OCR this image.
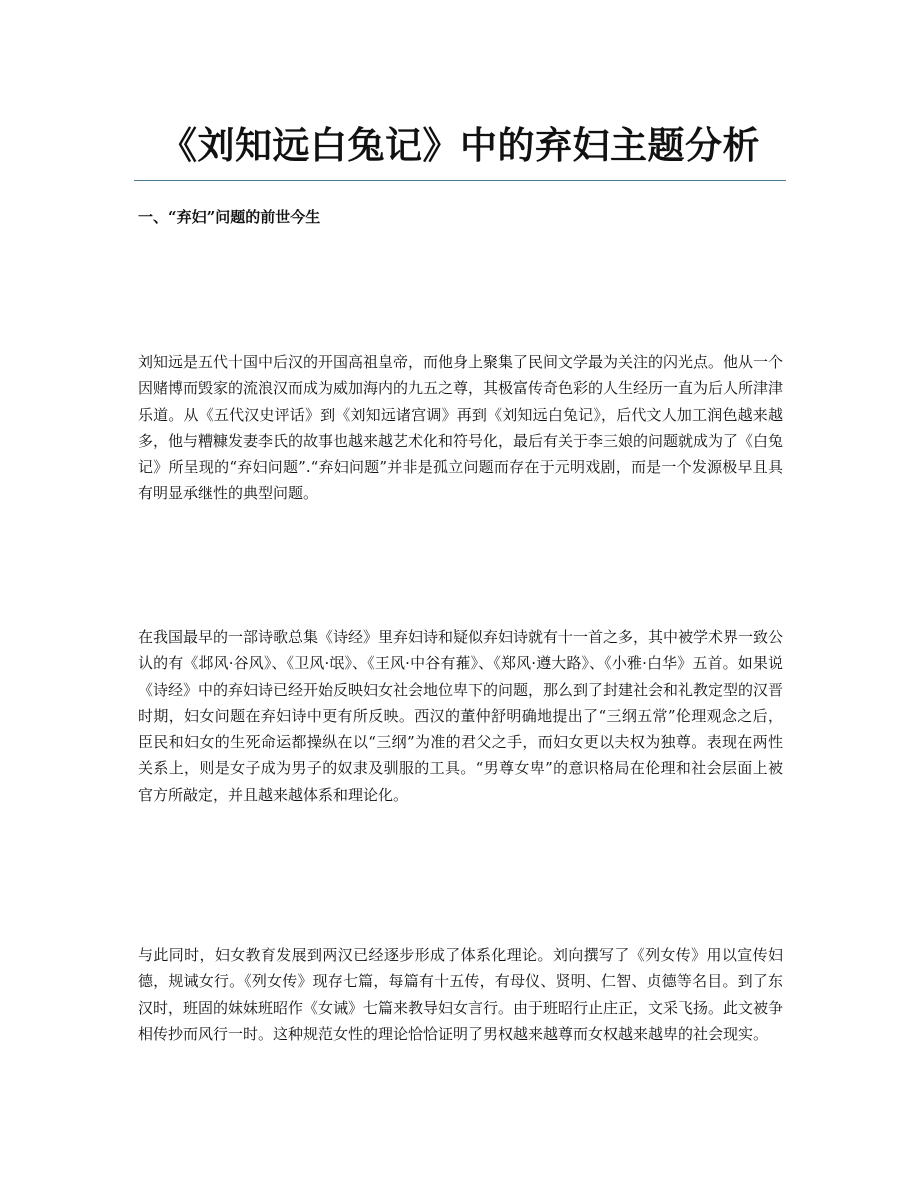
《刘知远白兔记》中的弃妇主题分析
一、“弃妇”问题的前世今生

刘知远是五代十国中后汉的开国高祖皇帝，而他身上聚集了民间文学最为关注的闪光点。他从一个因赌博而毁家的流浪汉而成为威加海内的九五之尊，其极富传奇色彩的人生经历一直为后人所津津乐道。从《五代汉史评话》到《刘知远诸宫调》再到《刘知远白兔记》，后代文人加工润色越来越多，他与糟糠发妻李氏的故事也越来越艺术化和符号化，最后有关于李三娘的问题就成为了《白兔记》所呈现的“弃妇问题”.“弃妇问题”并非是孤立问题而存在于元明戏剧，而是一个发源极早且具有明显承继性的典型问题。

在我国最早的一部诗歌总集《诗经》里弃妇诗和疑似弃妇诗就有十一首之多，其中被学术界一致公认的有《邶风·谷风》、《卫风·氓》、《王风·中谷有蓷》、《郑风·遵大路》、《小雅·白华》五首。如果说《诗经》中的弃妇诗已经开始反映妇女社会地位卑下的问题，那么到了封建社会和礼教定型的汉晋时期，妇女问题在弃妇诗中更有所反映。西汉的董仲舒明确地提出了“三纲五常”伦理观念之后，臣民和妇女的生死命运都操纵在以“三纲”为准的君父之手，而妇女更以夫权为独尊。表现在两性关系上，则是女子成为男子的奴隶及驯服的工具。“男尊女卑”的意识格局在伦理和社会层面上被官方所敲定，并且越来越体系和理论化。

与此同时，妇女教育发展到两汉已经逐步形成了体系化理论。刘向撰写了《列女传》用以宣传妇德，规诫女行。《列女传》现存七篇，每篇有十五传，有母仪、贤明、仁智、贞德等名目。到了东汉时，班固的妹妹班昭作《女诫》七篇来教导妇女言行。由于班昭行止庄正，文采飞扬。此文被争相传抄而风行一时。这种规范女性的理论恰恰证明了男权越来越尊而女权越来越卑的社会现实。
